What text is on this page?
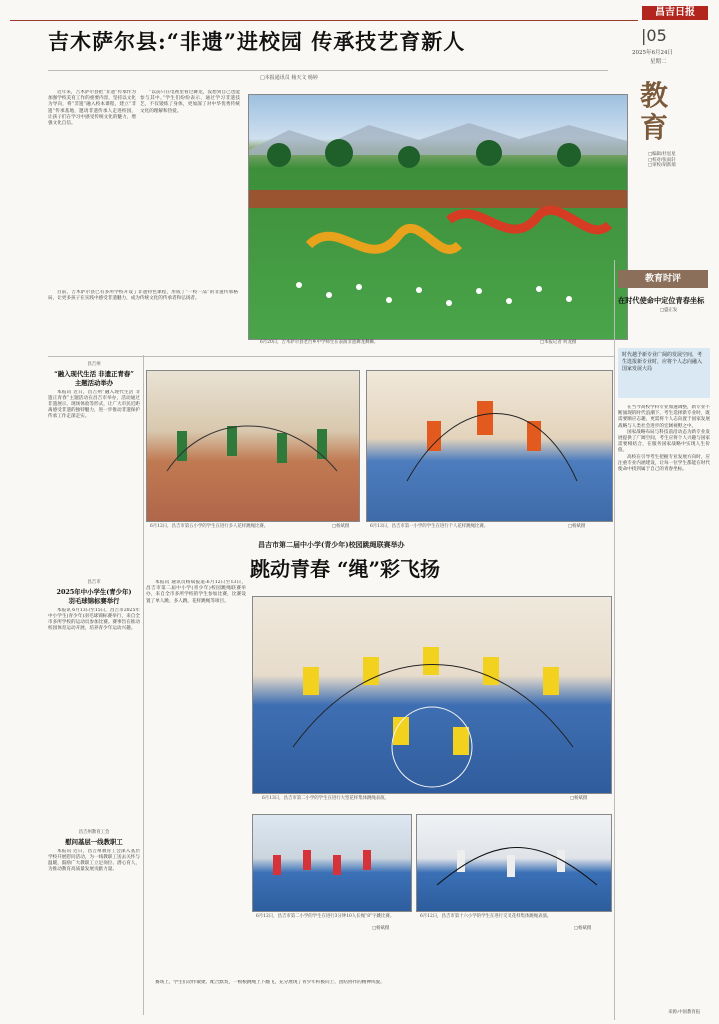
昌吉日报
|05
2025年6月24日
星期二
吉木萨尔县:“非遗”进校园 传承技艺育新人
□本报通讯员 杨天文 杨婷
教育
□编辑/杜星星
□校对/张雨轩
□审校/胡新瑞

近年来，吉木萨尔县把“非遗”传承作为加强学校美育工作的重要内容，坚持以文化为导向，将“非遗”融入校本课程，建立“非遗”传承基地，邀请非遗传承人走进校园，让孩子们在学习中感受传统文化的魅力，增强文化自信。

“以前只在电视里看过舞龙，没想到自己也能参与其中。”学生们纷纷表示，通过学习非遗技艺，不仅锻炼了身体，更加深了对中华优秀传统文化的理解和热爱。

目前，吉木萨尔县已有多所学校开设了非遗特色课程，形成了“一校一品”的非遗传承格局，让更多孩子在实践中感受非遗魅力，成为传统文化的传承者和弘扬者。

6月20日，吉木萨尔县老台乡中学师生在表演非遗舞龙舞狮。	□本报记者 何龙摄
教育时评
在时代使命中定位青春坐标
□盛正发
时代越予新专业广阔的发展空间，考生选报新专业时，应将个人志向融入国家发展大局

在当今高校学科专业加速调整，新专业不断涌现的时代浪潮下，考生选择新专业时，既需要顺应志趣，更需将个人志向置于国家发展战略与人类社会进步的宏阔视野之中。

国家战略布局与科技前沿动态为新专业发展提供了广阔空间，考生应将个人兴趣与国家需要相结合，在服务国家战略中实现人生价值。

高校在引导考生把握专业发展方向时，应注重专业内涵建设，让每一位学生都能在时代使命中找到属于自己的青春坐标。

来源:中国教育报
昌吉州
“融入现代生活 非遗正青春”
主题活动举办

本报讯 近日，昌吉州“融入现代生活 非遗正青春”主题活动在昌吉市举办，活动通过非遗展示、现场体验等形式，让广大市民近距离感受非遗的独特魅力，进一步推动非遗保护传承工作走深走实。

昌吉市
2025年中小学生(青少年)
羽毛球锦标赛举行

本报讯 6月13日至15日，昌吉市2025年中小学生(青少年)羽毛球锦标赛举行，来自全市多所学校的运动员参加比赛。赛事旨在推动校园体育运动开展，培养青少年运动兴趣。

昌吉州教育工会
慰问基层一线教职工

本报讯 近日，昌吉州教育工会深入基层学校开展慰问活动，为一线教职工送去关怀与温暖，鼓励广大教职工立足岗位、潜心育人，为推动教育高质量发展贡献力量。

6月12日，昌吉市第五小学的学生在进行多人花样跳绳比赛。	□杨斌摄	6月13日，昌吉市第一小学的学生在进行个人花样跳绳比赛。	□杨斌摄
昌吉市第二届中小学(青少年)校园跳绳联赛举办
跳动青春 “绳”彩飞扬

本报讯 通讯员杨斌报道:6月12日至13日，昌吉市第二届中小学(青少年)校园跳绳联赛举办，来自全市多所学校的学生参加比赛，比赛设置了单人跳、多人跳、花样跳绳等项目。

赛场上，学生们动作敏捷、配合默契，一根根跳绳上下翻飞，充分展现了青少年积极向上、团结协作的精神风貌。

6月13日，昌吉市第二小学的学生在进行大型花样集体跳绳表演。	□杨斌摄
6月12日，昌吉市第二小学的学生在进行3分钟10人长绳“8”字跳比赛。
□杨斌摄
6月12日，昌吉市第十六小学的学生在进行交叉花样集体跳绳表演。
□杨斌摄
